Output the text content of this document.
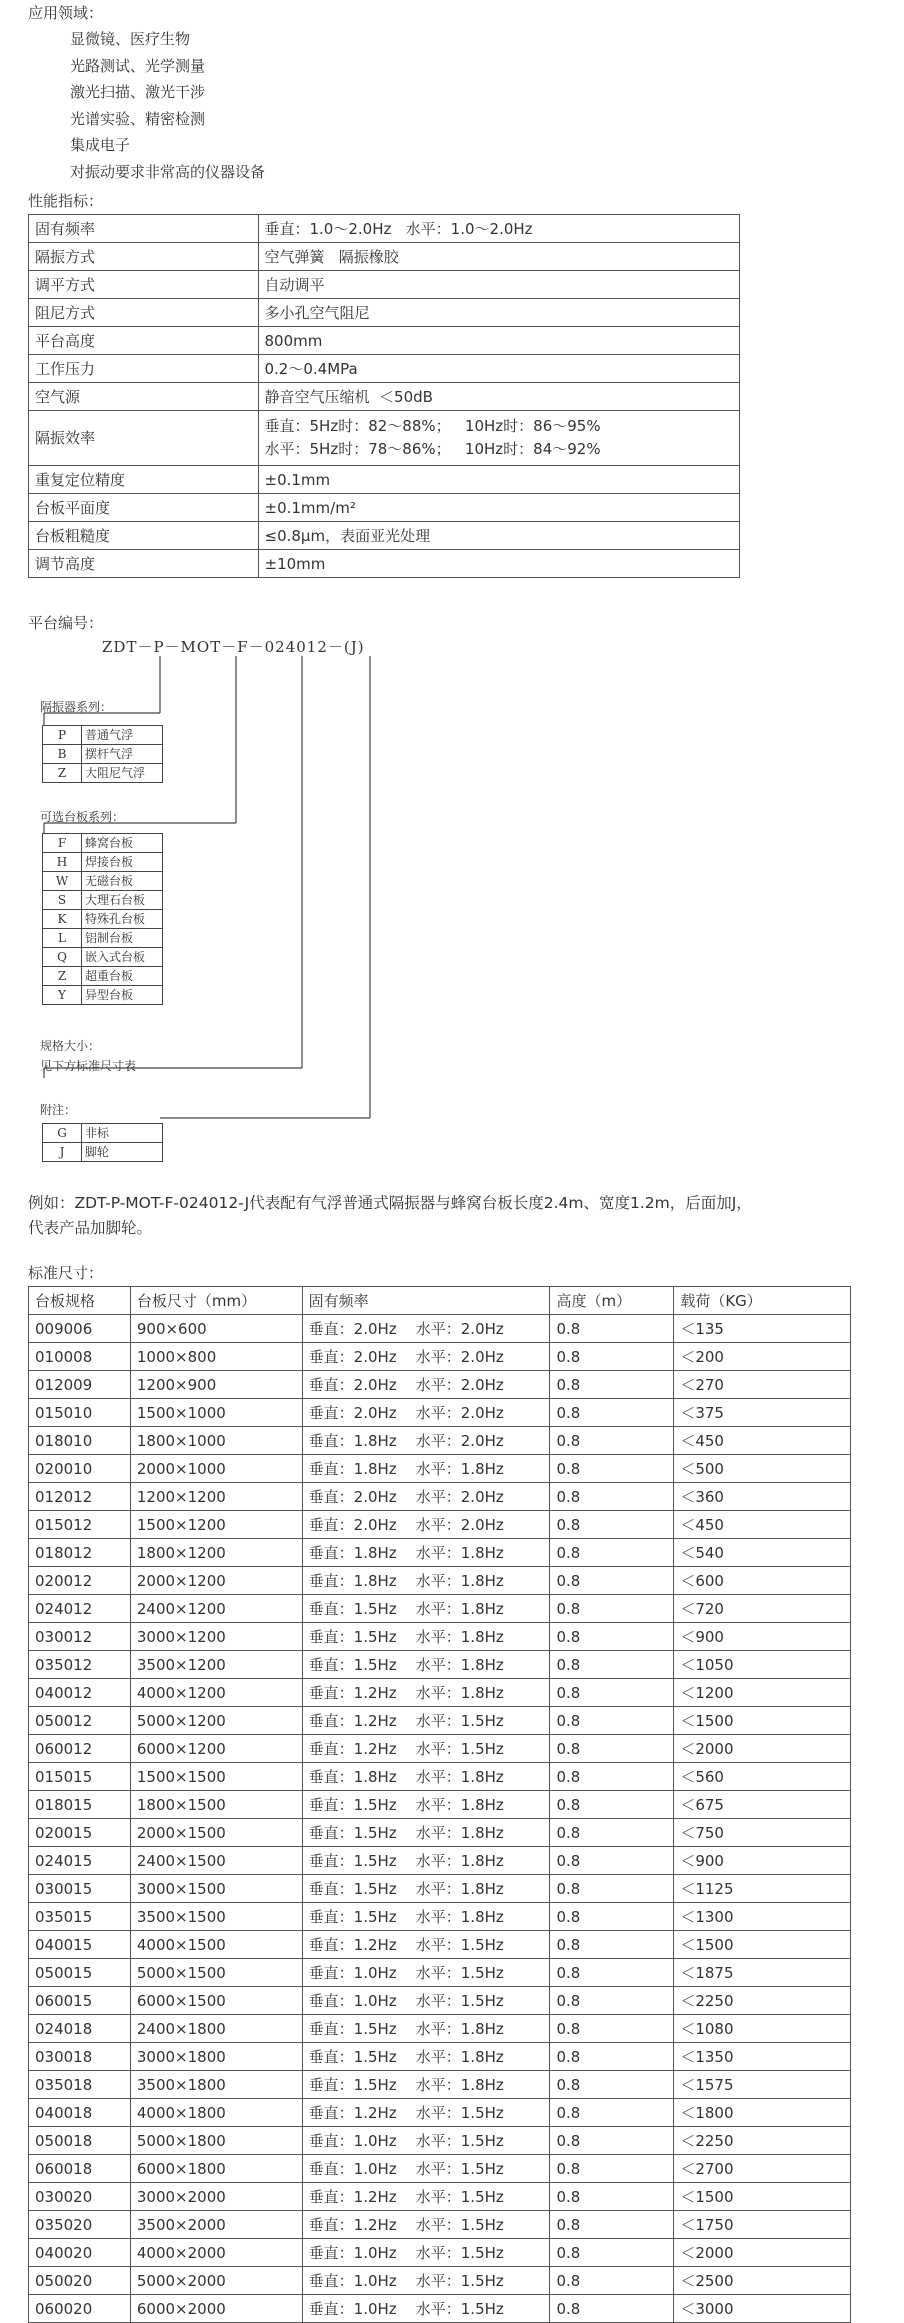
应用领域：
显微镜、医疗生物
光路测试、光学测量
激光扫描、激光干涉
光谱实验、精密检测
集成电子
对振动要求非常高的仪器设备
性能指标：
固有频率	垂直：1.0～2.0Hz   水平：1.0～2.0Hz
隔振方式	空气弹簧   隔振橡胶
调平方式	自动调平
阻尼方式	多小孔空气阻尼
平台高度	800mm
工作压力	0.2～0.4MPa
空气源	静音空气压缩机  ＜50dB
隔振效率	垂直：5Hz时：82～88%；   10Hz时：86～95%
水平：5Hz时：78～86%；   10Hz时：84～92%

重复定位精度	±0.1mm
台板平面度	±0.1mm/m²
台板粗糙度	≤0.8μm，表面亚光处理
调节高度	±10mm
平台编号：
ZDT－P－MOT－F－024012－(J)
隔振器系列：
P	普通气浮
B	摆杆气浮
Z	大阻尼气浮
可选台板系列：
F	蜂窝台板
H	焊接台板
W	无磁台板
S	大理石台板
K	特殊孔台板
L	铝制台板
Q	嵌入式台板
Z	超重台板
Y	异型台板
规格大小：
见下方标准尺寸表
附注：
G	非标
J	脚轮
例如：ZDT-P-MOT-F-024012-J代表配有气浮普通式隔振器与蜂窝台板长度2.4m、宽度1.2m，后面加J，
代表产品加脚轮。
标准尺寸：
台板规格	台板尺寸（mm）	固有频率	高度（m）	载荷（KG）
009006	900×600	垂直：2.0Hz    水平：2.0Hz	0.8	＜135
010008	1000×800	垂直：2.0Hz    水平：2.0Hz	0.8	＜200
012009	1200×900	垂直：2.0Hz    水平：2.0Hz	0.8	＜270
015010	1500×1000	垂直：2.0Hz    水平：2.0Hz	0.8	＜375
018010	1800×1000	垂直：1.8Hz    水平：2.0Hz	0.8	＜450
020010	2000×1000	垂直：1.8Hz    水平：1.8Hz	0.8	＜500
012012	1200×1200	垂直：2.0Hz    水平：2.0Hz	0.8	＜360
015012	1500×1200	垂直：2.0Hz    水平：2.0Hz	0.8	＜450
018012	1800×1200	垂直：1.8Hz    水平：1.8Hz	0.8	＜540
020012	2000×1200	垂直：1.8Hz    水平：1.8Hz	0.8	＜600
024012	2400×1200	垂直：1.5Hz    水平：1.8Hz	0.8	＜720
030012	3000×1200	垂直：1.5Hz    水平：1.8Hz	0.8	＜900
035012	3500×1200	垂直：1.5Hz    水平：1.8Hz	0.8	＜1050
040012	4000×1200	垂直：1.2Hz    水平：1.8Hz	0.8	＜1200
050012	5000×1200	垂直：1.2Hz    水平：1.5Hz	0.8	＜1500
060012	6000×1200	垂直：1.2Hz    水平：1.5Hz	0.8	＜2000
015015	1500×1500	垂直：1.8Hz    水平：1.8Hz	0.8	＜560
018015	1800×1500	垂直：1.5Hz    水平：1.8Hz	0.8	＜675
020015	2000×1500	垂直：1.5Hz    水平：1.8Hz	0.8	＜750
024015	2400×1500	垂直：1.5Hz    水平：1.8Hz	0.8	＜900
030015	3000×1500	垂直：1.5Hz    水平：1.8Hz	0.8	＜1125
035015	3500×1500	垂直：1.5Hz    水平：1.8Hz	0.8	＜1300
040015	4000×1500	垂直：1.2Hz    水平：1.5Hz	0.8	＜1500
050015	5000×1500	垂直：1.0Hz    水平：1.5Hz	0.8	＜1875
060015	6000×1500	垂直：1.0Hz    水平：1.5Hz	0.8	＜2250
024018	2400×1800	垂直：1.5Hz    水平：1.8Hz	0.8	＜1080
030018	3000×1800	垂直：1.5Hz    水平：1.8Hz	0.8	＜1350
035018	3500×1800	垂直：1.5Hz    水平：1.8Hz	0.8	＜1575
040018	4000×1800	垂直：1.2Hz    水平：1.5Hz	0.8	＜1800
050018	5000×1800	垂直：1.0Hz    水平：1.5Hz	0.8	＜2250
060018	6000×1800	垂直：1.0Hz    水平：1.5Hz	0.8	＜2700
030020	3000×2000	垂直：1.2Hz    水平：1.5Hz	0.8	＜1500
035020	3500×2000	垂直：1.2Hz    水平：1.5Hz	0.8	＜1750
040020	4000×2000	垂直：1.0Hz    水平：1.5Hz	0.8	＜2000
050020	5000×2000	垂直：1.0Hz    水平：1.5Hz	0.8	＜2500
060020	6000×2000	垂直：1.0Hz    水平：1.5Hz	0.8	＜3000
